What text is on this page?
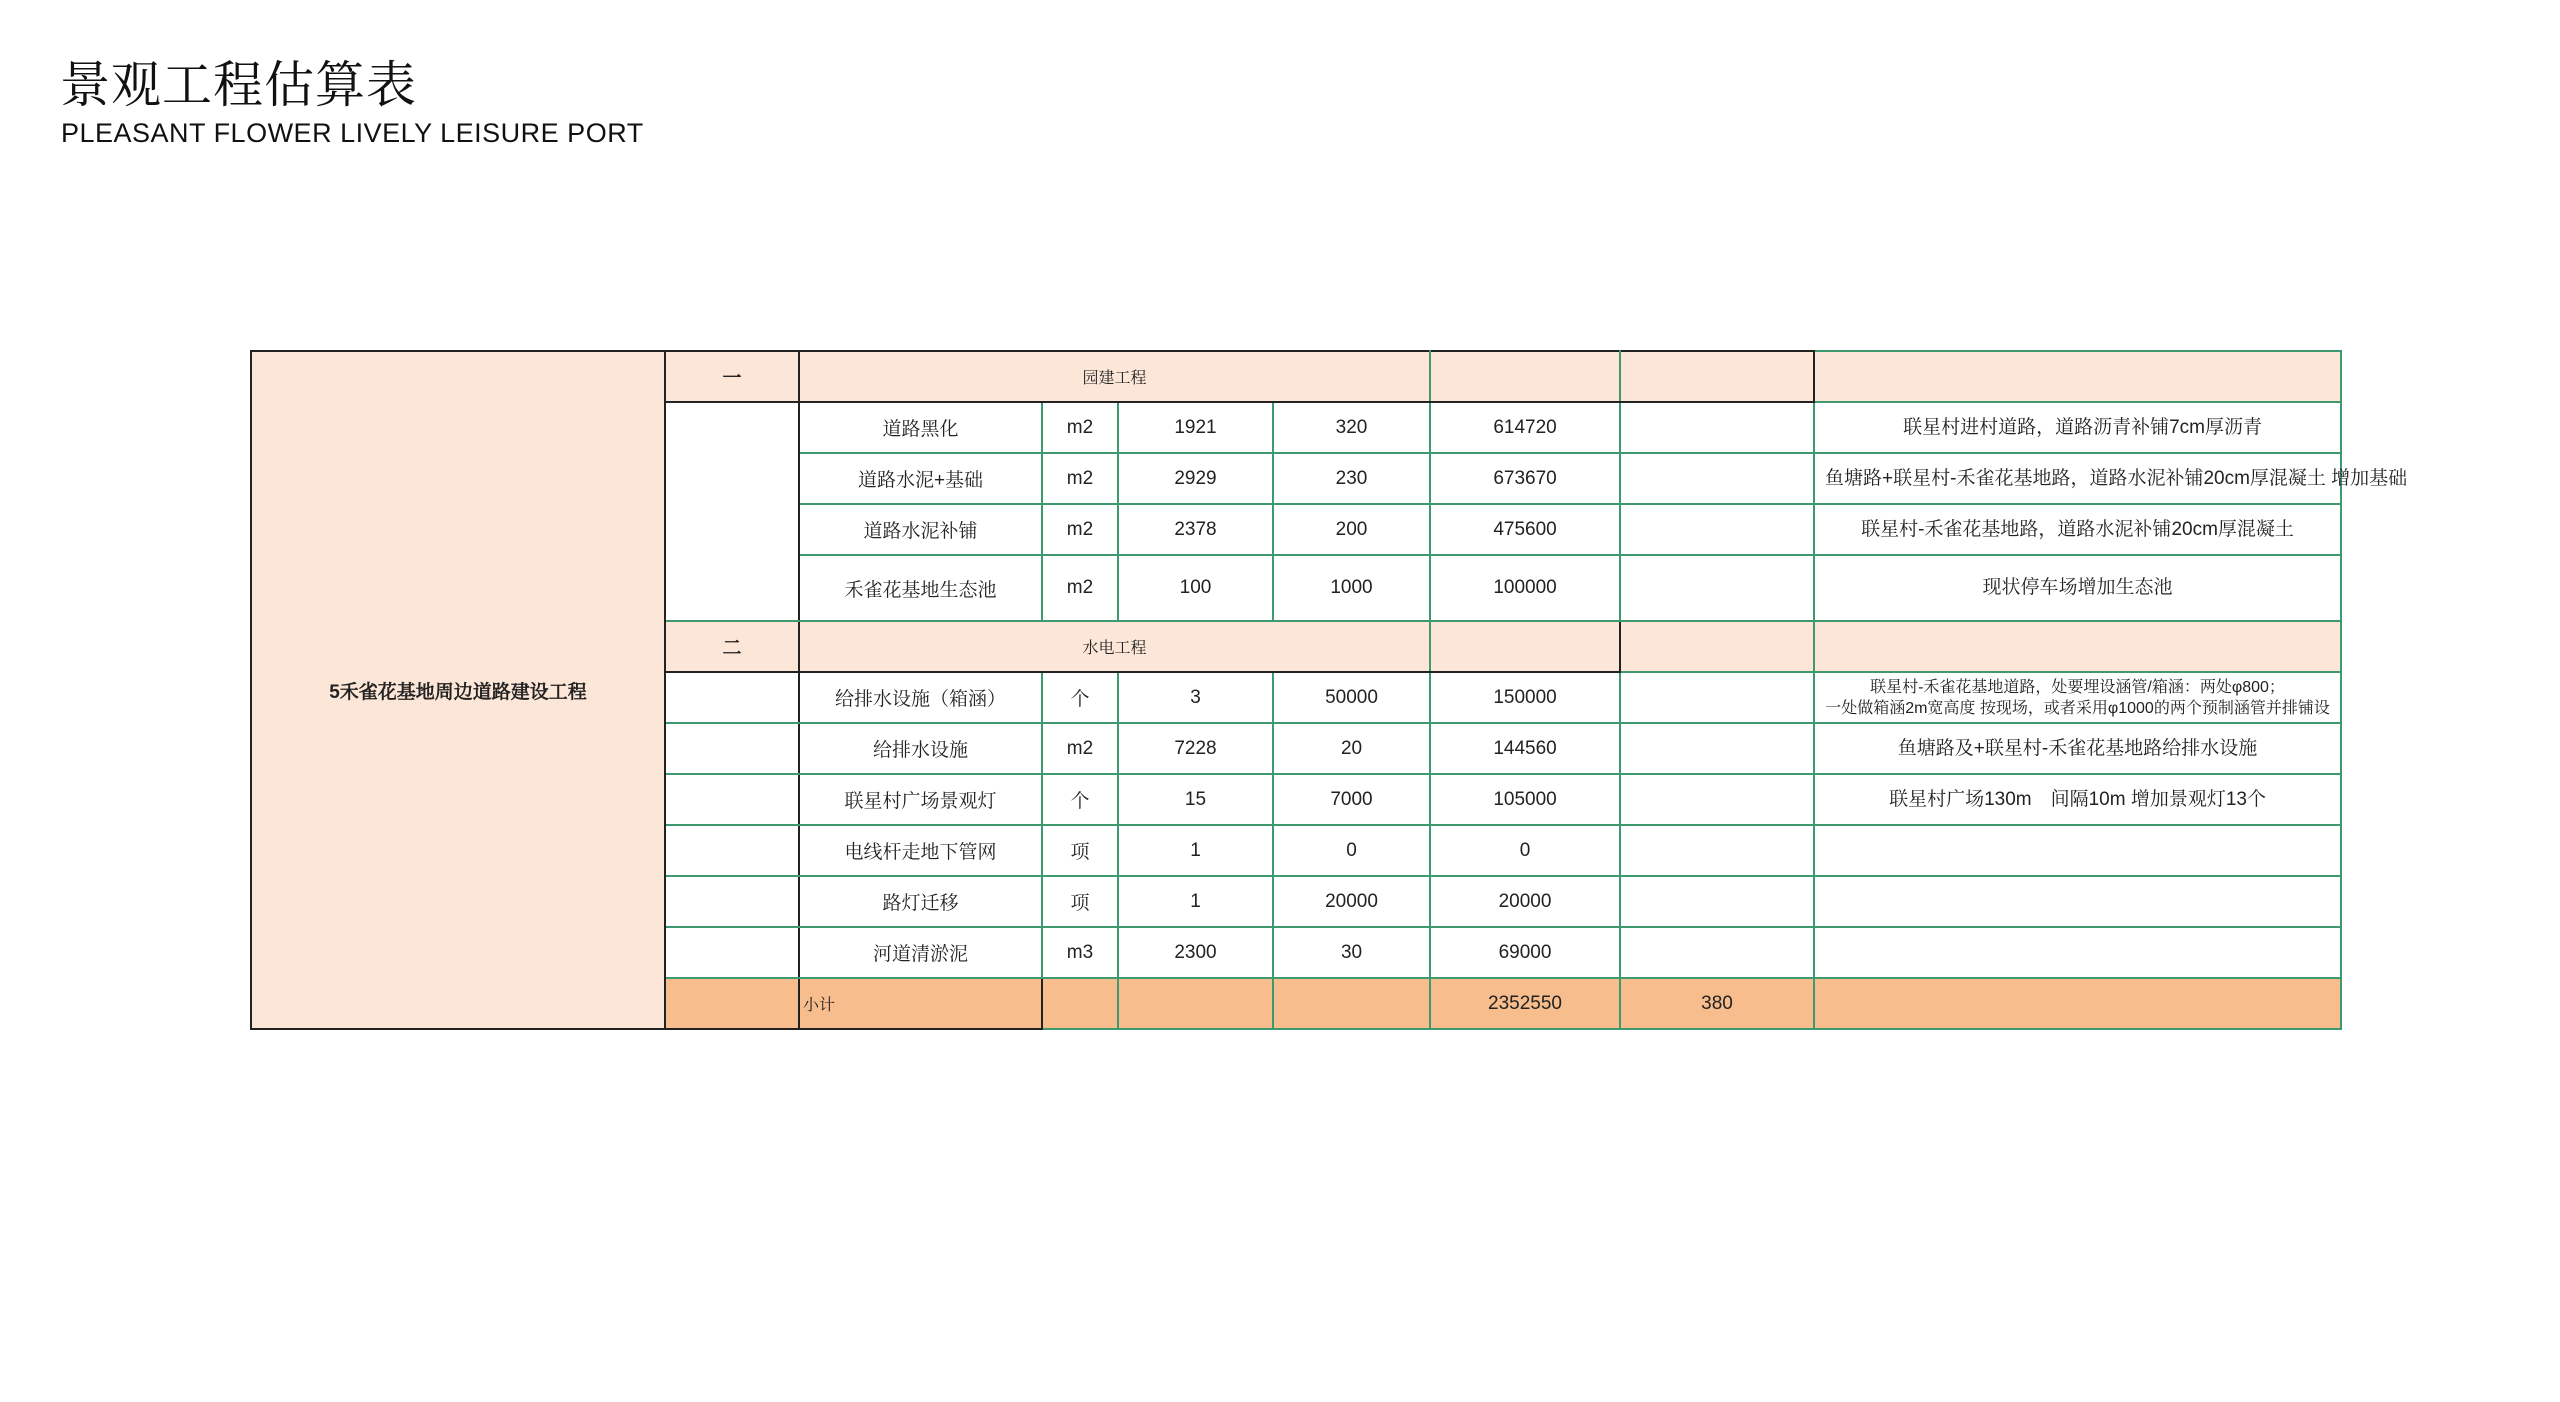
景观工程估算表
PLEASANT FLOWER LIVELY LEISURE PORT
5禾雀花基地周边道路建设工程	一	园建工程						
		道路黑化	m2	1921	320	614720		联星村进村道路，道路沥青补铺7cm厚沥青
		道路水泥+基础	m2	2929	230	673670		鱼塘路+联星村-禾雀花基地路，道路水泥补铺20cm厚混凝土 增加基础
		道路水泥补铺	m2	2378	200	475600		联星村-禾雀花基地路，道路水泥补铺20cm厚混凝土
		禾雀花基地生态池	m2	100	1000	100000		现状停车场增加生态池
	二	水电工程						
		给排水设施（箱涵）	个	3	50000	150000		联星村-禾雀花基地道路，处要埋设涵管/箱涵：两处φ800；
一处做箱涵2m宽高度 按现场，或者采用φ1000的两个预制涵管并排铺设

		给排水设施	m2	7228	20	144560		鱼塘路及+联星村-禾雀花基地路给排水设施
		联星村广场景观灯	个	15	7000	105000		联星村广场130m　间隔10m 增加景观灯13个
		电线杆走地下管网	项	1	0	0		
		路灯迁移	项	1	20000	20000		
		河道清淤泥	m3	2300	30	69000		
		小计				2352550	380	
